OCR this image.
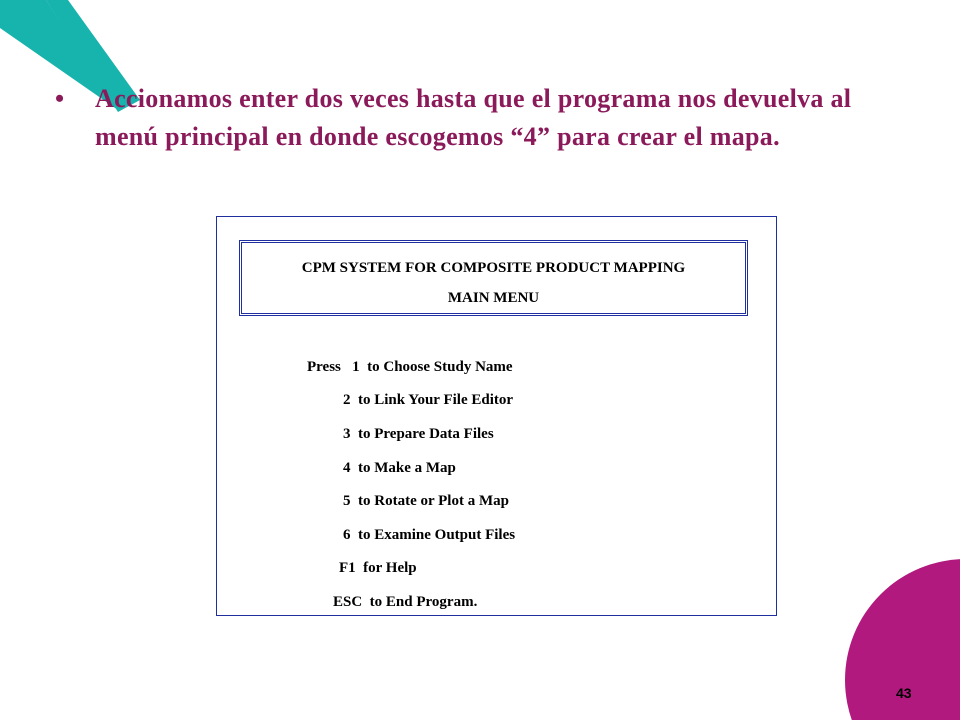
• Accionamos enter dos veces hasta que el programa nos devuelva al menú principal en donde escogemos “4” para crear el mapa.
CPM SYSTEM FOR COMPOSITE PRODUCT MAPPING
MAIN MENU
Press   1  to Choose Study Name
2  to Link Your File Editor
3  to Prepare Data Files
4  to Make a Map
5  to Rotate or Plot a Map
6  to Examine Output Files
F1  for Help
ESC  to End Program.
43
